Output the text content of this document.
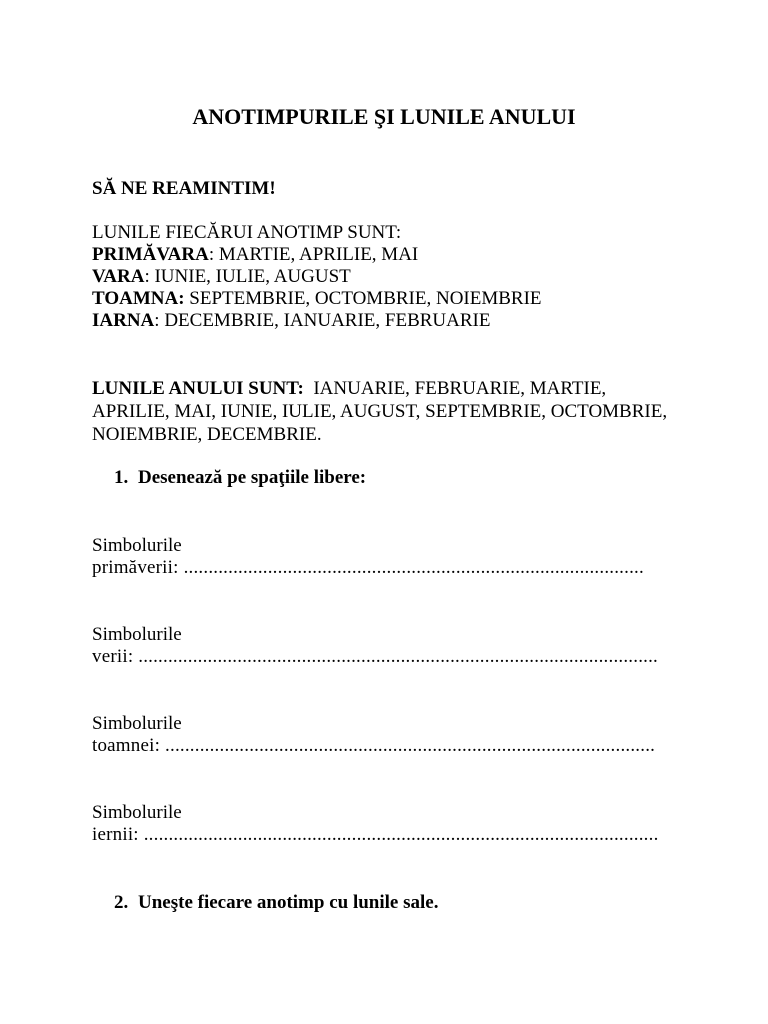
ANOTIMPURILE ŞI LUNILE ANULUI
SĂ NE REAMINTIM!
LUNILE FIECĂRUI ANOTIMP SUNT:
PRIMĂVARA: MARTIE, APRILIE, MAI
VARA: IUNIE, IULIE, AUGUST
TOAMNA: SEPTEMBRIE, OCTOMBRIE, NOIEMBRIE
IARNA: DECEMBRIE, IANUARIE, FEBRUARIE
LUNILE ANULUI SUNT: IANUARIE, FEBRUARIE, MARTIE, APRILIE, MAI, IUNIE, IULIE, AUGUST, SEPTEMBRIE, OCTOMBRIE, NOIEMBRIE, DECEMBRIE.
1. Desenează pe spaţiile libere:
Simbolurile
primăverii: .............................................................................................
Simbolurile
verii: .........................................................................................................
Simbolurile
toamnei: ...................................................................................................
Simbolurile
iernii: ........................................................................................................
2. Uneşte fiecare anotimp cu lunile sale.
